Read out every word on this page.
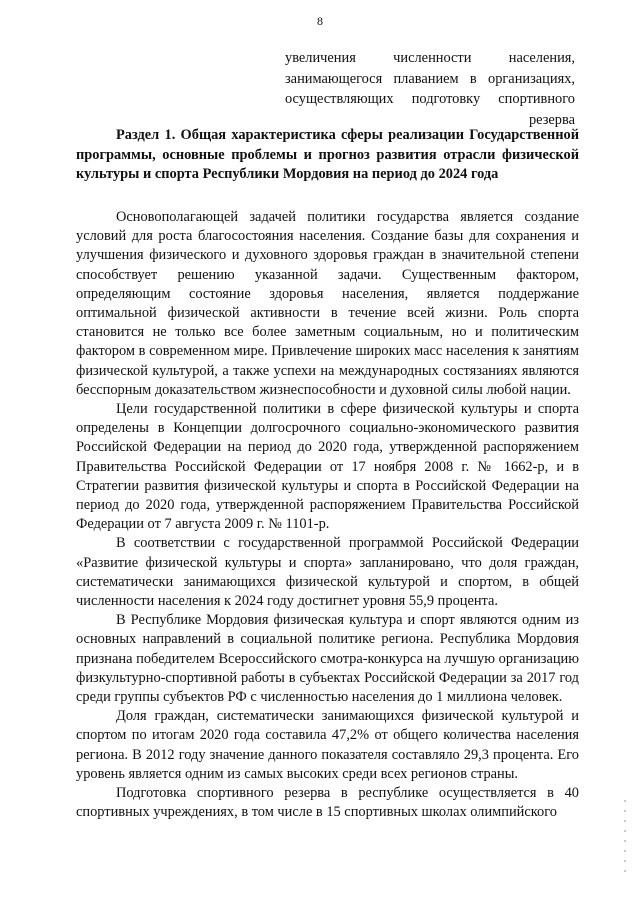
8
увеличения численности населения,
занимающегося плаванием в организациях,
осуществляющих подготовку спортивного резерва
Раздел 1. Общая характеристика сферы реализации Государственной программы, основные проблемы и прогноз развития отрасли физической культуры и спорта Республики Мордовия на период до 2024 года

Основополагающей задачей политики государства является создание условий для роста благосостояния населения. Создание базы для сохранения и улучшения физического и духовного здоровья граждан в значительной степени способствует решению указанной задачи. Существенным фактором, определяющим состояние здоровья населения, является поддержание оптимальной физической активности в течение всей жизни. Роль спорта становится не только все более заметным социальным, но и политическим фактором в современном мире. Привлечение широких масс населения к занятиям физической культурой, а также успехи на международных состязаниях являются бесспорным доказательством жизнеспособности и духовной силы любой нации.

Цели государственной политики в сфере физической культуры и спорта определены в Концепции долгосрочного социально-экономического развития Российской Федерации на период до 2020 года, утвержденной распоряжением Правительства Российской Федерации от 17 ноября 2008 г. № 1662-р, и в Стратегии развития физической культуры и спорта в Российской Федерации на период до 2020 года, утвержденной распоряжением Правительства Российской Федерации от 7 августа 2009 г. № 1101-р.

В соответствии с государственной программой Российской Федерации «Развитие физической культуры и спорта» запланировано, что доля граждан, систематически занимающихся физической культурой и спортом, в общей численности населения к 2024 году достигнет уровня 55,9 процента.

В Республике Мордовия физическая культура и спорт являются одним из основных направлений в социальной политике региона. Республика Мордовия признана победителем Всероссийского смотра-конкурса на лучшую организацию физкультурно-спортивной работы в субъектах Российской Федерации за 2017 год среди группы субъектов РФ с численностью населения до 1 миллиона человек.

Доля граждан, систематически занимающихся физической культурой и спортом по итогам 2020 года составила 47,2% от общего количества населения региона. В 2012 году значение данного показателя составляло 29,3 процента. Его уровень является одним из самых высоких среди всех регионов страны.

Подготовка спортивного резерва в республике осуществляется в 40 спортивных учреждениях, в том числе в 15 спортивных школах олимпийского
